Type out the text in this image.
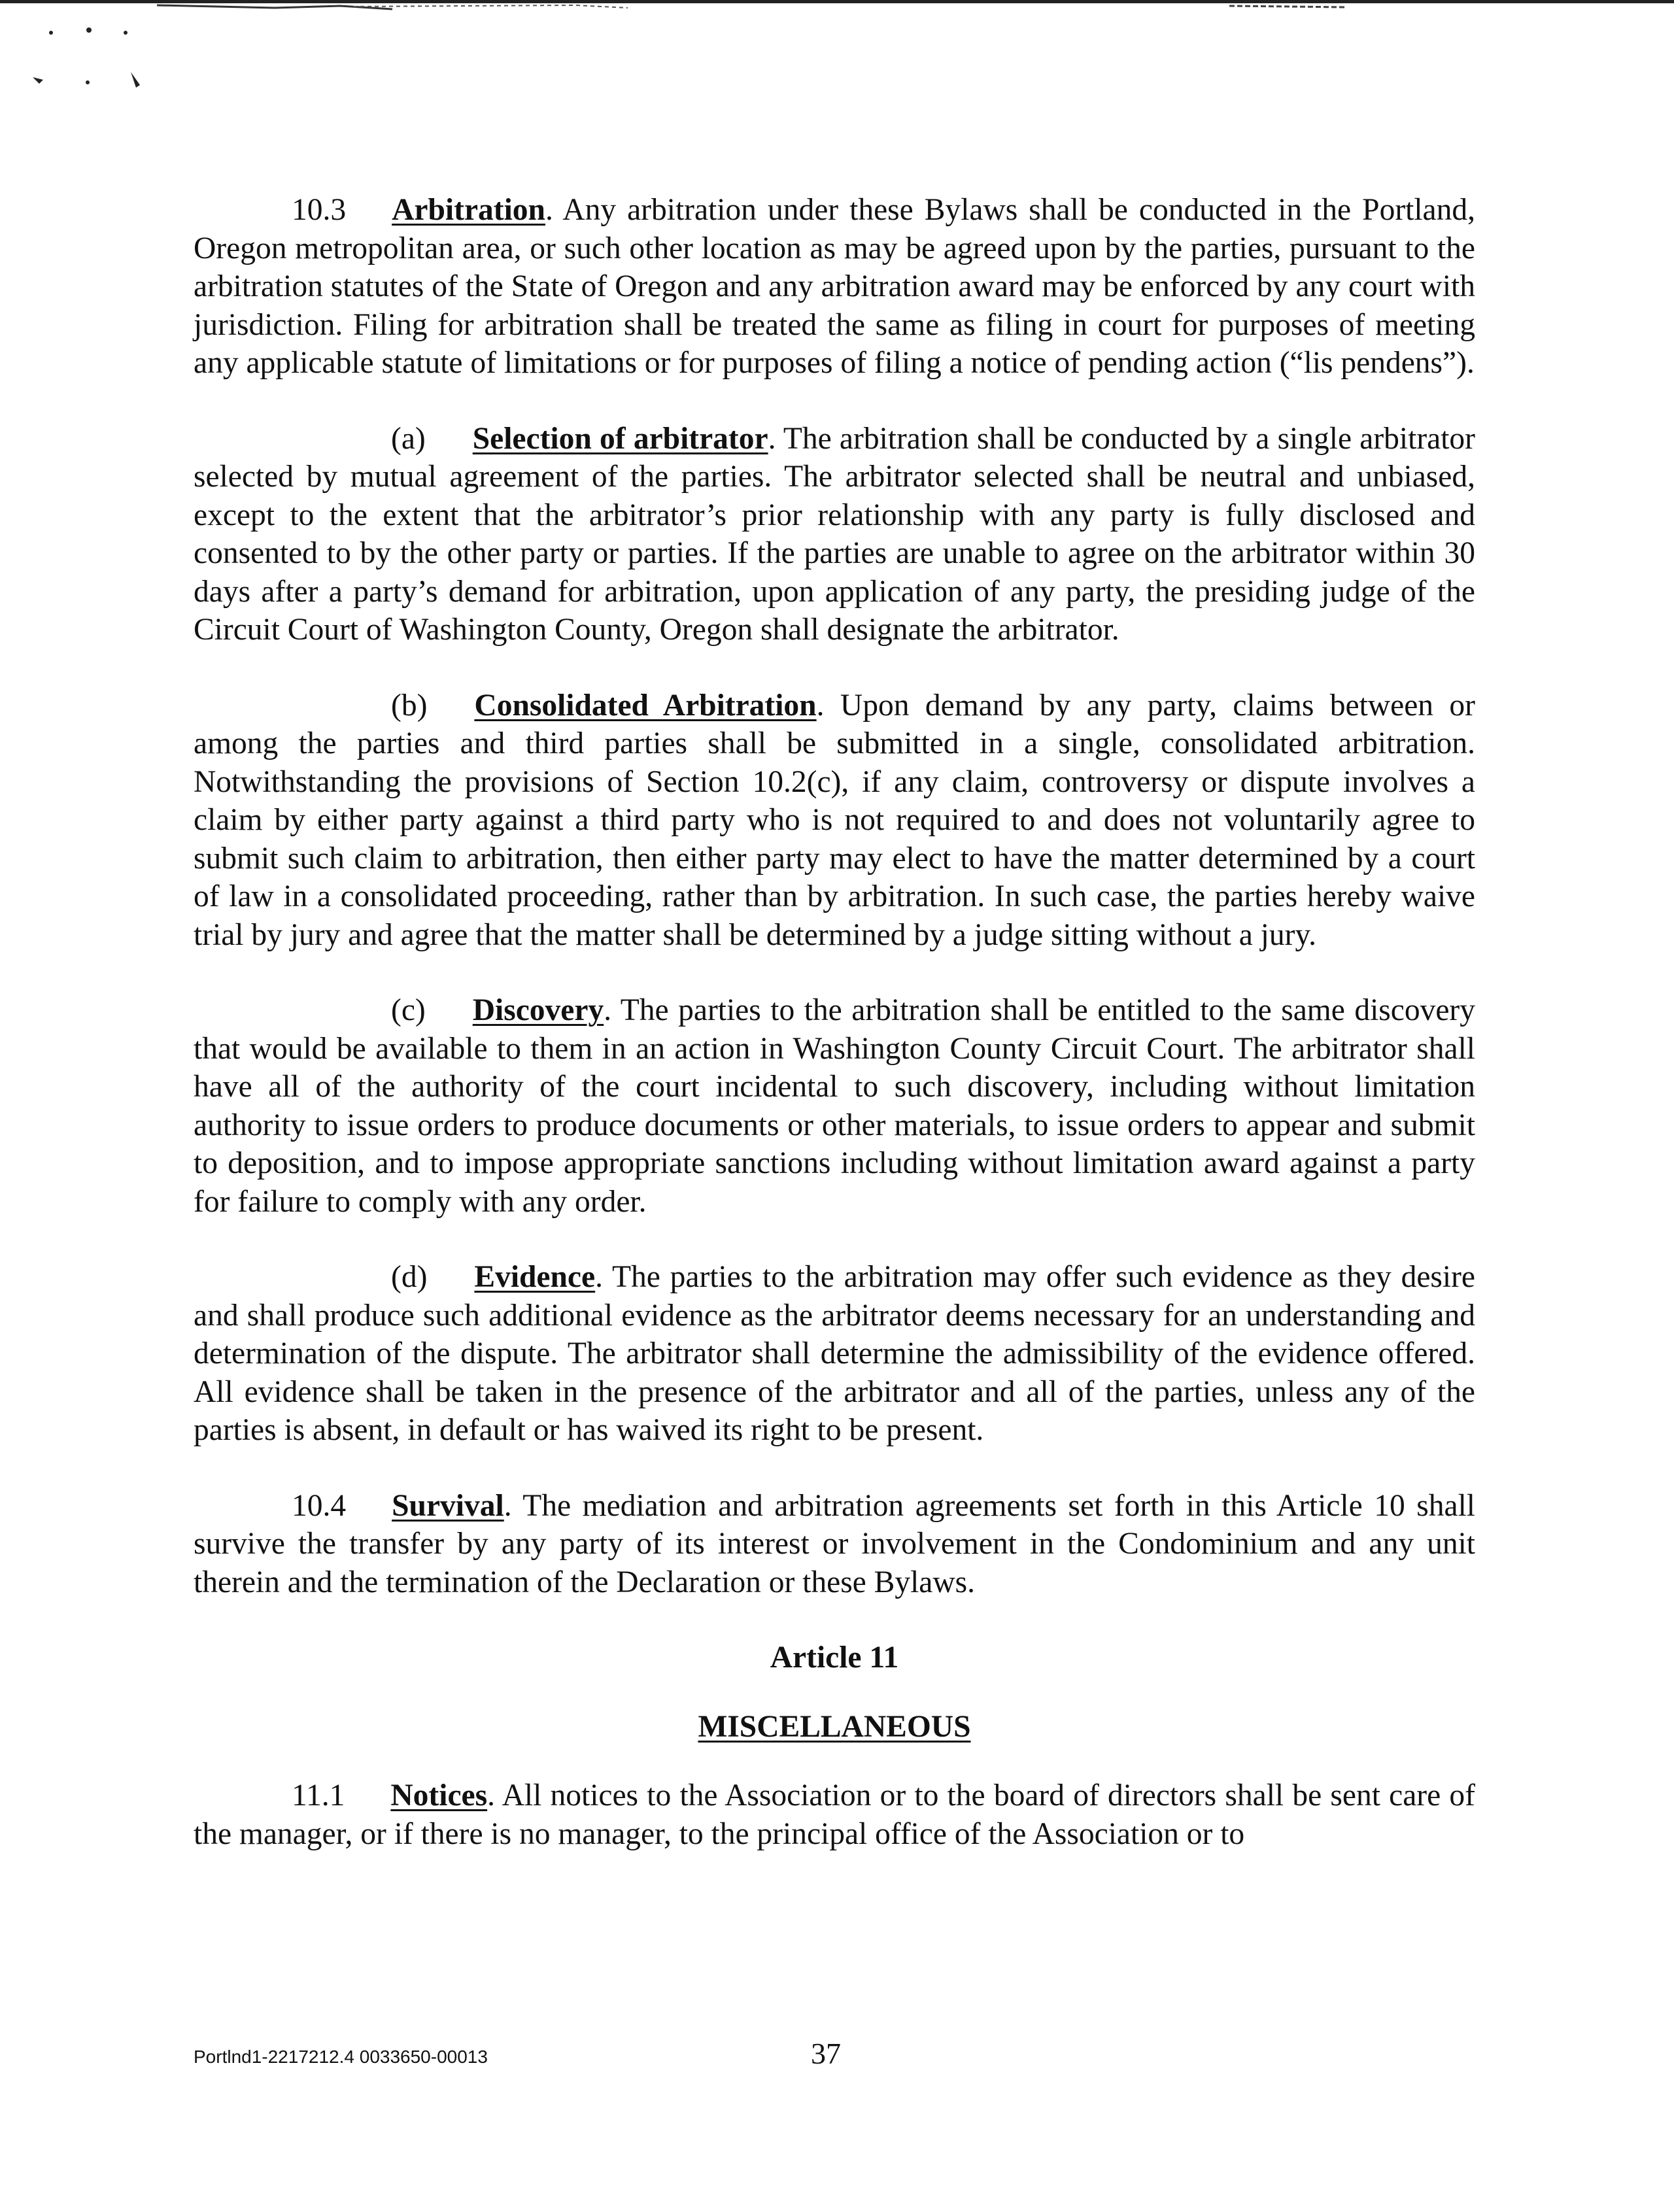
10.3 Arbitration. Any arbitration under these Bylaws shall be conducted in the Portland, Oregon metropolitan area, or such other location as may be agreed upon by the parties, pursuant to the arbitration statutes of the State of Oregon and any arbitration award may be enforced by any court with jurisdiction. Filing for arbitration shall be treated the same as filing in court for purposes of meeting any applicable statute of limitations or for purposes of filing a notice of pending action (“lis pendens”).

(a) Selection of arbitrator. The arbitration shall be conducted by a single arbitrator selected by mutual agreement of the parties. The arbitrator selected shall be neutral and unbiased, except to the extent that the arbitrator’s prior relationship with any party is fully disclosed and consented to by the other party or parties. If the parties are unable to agree on the arbitrator within 30 days after a party’s demand for arbitration, upon application of any party, the presiding judge of the Circuit Court of Washington County, Oregon shall designate the arbitrator.

(b) Consolidated Arbitration. Upon demand by any party, claims between or among the parties and third parties shall be submitted in a single, consolidated arbitration. Notwithstanding the provisions of Section 10.2(c), if any claim, controversy or dispute involves a claim by either party against a third party who is not required to and does not voluntarily agree to submit such claim to arbitration, then either party may elect to have the matter determined by a court of law in a consolidated proceeding, rather than by arbitration. In such case, the parties hereby waive trial by jury and agree that the matter shall be determined by a judge sitting without a jury.

(c) Discovery. The parties to the arbitration shall be entitled to the same discovery that would be available to them in an action in Washington County Circuit Court. The arbitrator shall have all of the authority of the court incidental to such discovery, including without limitation authority to issue orders to produce documents or other materials, to issue orders to appear and submit to deposition, and to impose appropriate sanctions including without limitation award against a party for failure to comply with any order.

(d) Evidence. The parties to the arbitration may offer such evidence as they desire and shall produce such additional evidence as the arbitrator deems necessary for an understanding and determination of the dispute. The arbitrator shall determine the admissibility of the evidence offered. All evidence shall be taken in the presence of the arbitrator and all of the parties, unless any of the parties is absent, in default or has waived its right to be present.

10.4 Survival. The mediation and arbitration agreements set forth in this Article 10 shall survive the transfer by any party of its interest or involvement in the Condominium and any unit therein and the termination of the Declaration or these Bylaws.

Article 11

MISCELLANEOUS

11.1 Notices. All notices to the Association or to the board of directors shall be sent care of the manager, or if there is no manager, to the principal office of the Association or to

Portlnd1-2217212.4 0033650-00013	37
